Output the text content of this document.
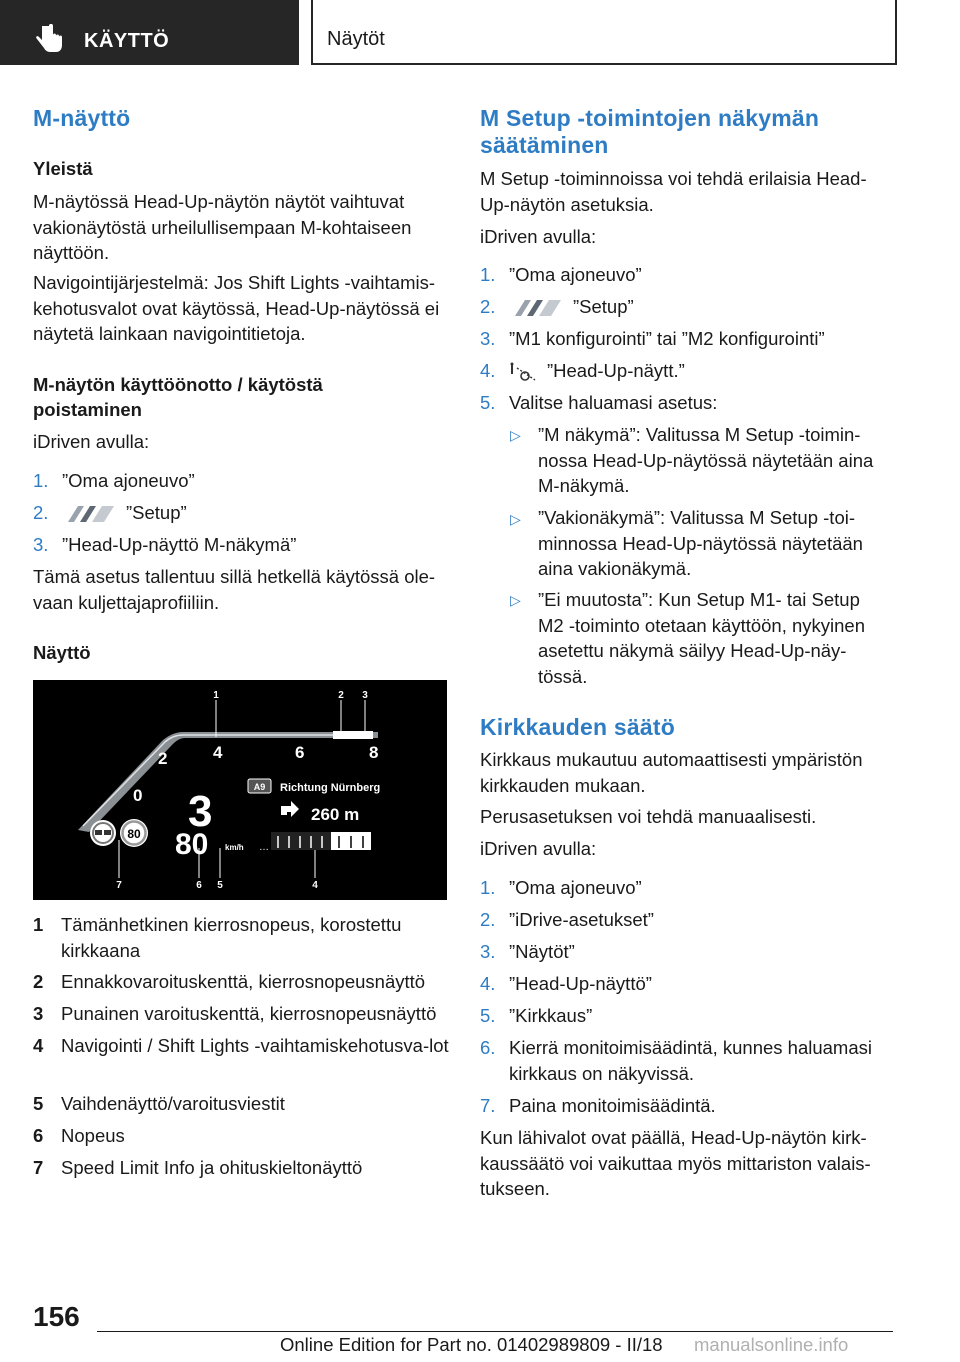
KÄYTTÖ	Näytöt
M-näyttö
Yleistä

M-näytössä Head-Up-näytön näytöt vaihtuvat vakionäytöstä urheilullisempaan M-kohtaiseen näyttöön.

Navigointijärjestelmä: Jos Shift Lights -vaihtamis-kehotusvalot ovat käytössä, Head-Up-näytössä ei näytetä lainkaan navigointitietoja.

M-näytön käyttöönotto / käytöstä poistaminen

iDriven avulla:

1. ”Oma ajoneuvo”
2.	”Setup”
3. ”Head-Up-näyttö M-näkymä”

Tämä asetus tallentuu sillä hetkellä käytössä ole-vaan kuljettajaprofiiliin.

Näyttö
1	2 3
7	6 5	4
0
2	4	6	8
A9 Richtung Nürnberg
260 m
3
80 km/h
80
…
1 Tämänhetkinen kierrosnopeus, korostettu kirkkaana
2 Ennakkovaroituskenttä, kierrosnopeusnäyttö
3 Punainen varoituskenttä, kierrosnopeusnäyttö
4 Navigointi / Shift Lights -vaihtamiskehotusva-lot
5 Vaihdenäyttö/varoitusviestit
6 Nopeus
7 Speed Limit Info ja ohituskieltonäyttö
M Setup -toimintojen näkymän
säätäminen

M Setup -toiminnoissa voi tehdä erilaisia Head-Up-näytön asetuksia.

iDriven avulla:

1. ”Oma ajoneuvo”
2.	”Setup”
3. ”M1 konfigurointi” tai ”M2 konfigurointi”
4.	”Head-Up-näytt.”
5. Valitse haluamasi asetus:
▷ ”M näkymä”: Valitussa M Setup -toimin-nossa Head-Up-näytössä näytetään aina M-näkymä.
▷ ”Vakionäkymä”: Valitussa M Setup -toi-minnossa Head-Up-näytössä näytetään aina vakionäkymä.
▷ ”Ei muutosta”: Kun Setup M1- tai Setup M2 -toiminto otetaan käyttöön, nykyinen asetettu näkymä säilyy Head-Up-näy-tössä.
Kirkkauden säätö

Kirkkaus mukautuu automaattisesti ympäristön kirkkauden mukaan.

Perusasetuksen voi tehdä manuaalisesti.

iDriven avulla:

1. ”Oma ajoneuvo”
2. ”iDrive-asetukset”
3. ”Näytöt”
4. ”Head-Up-näyttö”
5. ”Kirkkaus”
6. Kierrä monitoimisäädintä, kunnes haluamasi kirkkaus on näkyvissä.
7. Paina monitoimisäädintä.

Kun lähivalot ovat päällä, Head-Up-näytön kirk-kaussäätö voi vaikuttaa myös mittariston valais-tukseen.

156
Online Edition for Part no. 01402989809 - II/18 manualsonline.info
